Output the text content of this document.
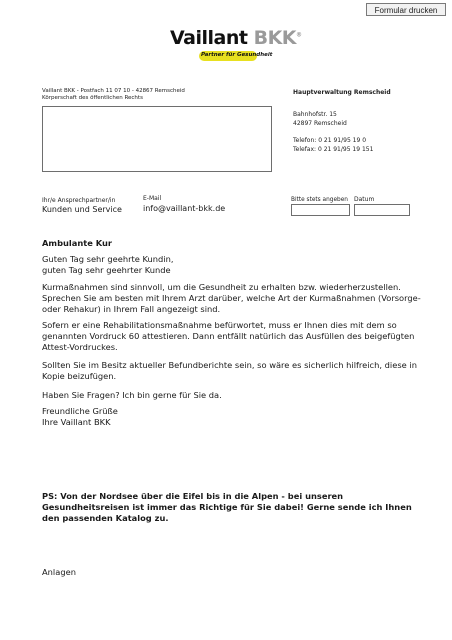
Formular drucken
Vaillant BKK®
Partner für Gesundheit
Vaillant BKK - Postfach 11 07 10 - 42867 Remscheid
Körperschaft des öffentlichen Rechts
Hauptverwaltung Remscheid
Bahnhofstr. 15
42897 Remscheid
Telefon: 0 21 91/95 19 0
Telefax: 0 21 91/95 19 151
Ihr/e Ansprechpartner/in
Kunden und Service
E-Mail
info@vaillant-bkk.de
Bitte stets angeben Datum
Ambulante Kur
Guten Tag sehr geehrte Kundin,
guten Tag sehr geehrter Kunde
Kurmaßnahmen sind sinnvoll, um die Gesundheit zu erhalten bzw. wiederherzustellen. Sprechen Sie am besten mit Ihrem Arzt darüber, welche Art der Kurmaßnahmen (Vorsorge- oder Rehakur) in Ihrem Fall angezeigt sind.
Sofern er eine Rehabilitationsmaßnahme befürwortet, muss er Ihnen dies mit dem so genannten Vordruck 60 attestieren. Dann entfällt natürlich das Ausfüllen des beigefügten Attest-Vordruckes.
Sollten Sie im Besitz aktueller Befundberichte sein, so wäre es sicherlich hilfreich, diese in Kopie beizufügen.
Haben Sie Fragen? Ich bin gerne für Sie da.
Freundliche Grüße
Ihre Vaillant BKK
PS: Von der Nordsee über die Eifel bis in die Alpen - bei unseren Gesundheitsreisen ist immer das Richtige für Sie dabei! Gerne sende ich Ihnen den passenden Katalog zu.
Anlagen
